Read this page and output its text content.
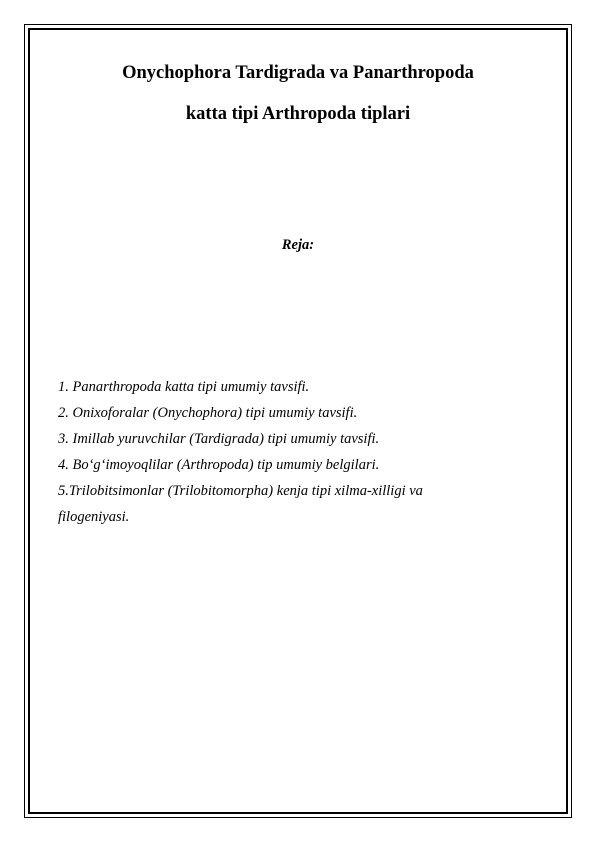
Onychophora Tardigrada va Panarthropoda
katta tipi Arthropoda tiplari
Reja:
1. Panarthropoda katta tipi umumiy tavsifi.
2. Onixoforalar (Onychophora) tipi umumiy tavsifi.
3. Imillab yuruvchilar (Tardigrada) tipi umumiy tavsifi.
4. Bo‘g‘imoyoqlilar (Arthropoda) tip umumiy belgilari.
5.Trilobitsimonlar (Trilobitomorpha) kenja tipi xilma-xilligi va
filogeniyasi.
